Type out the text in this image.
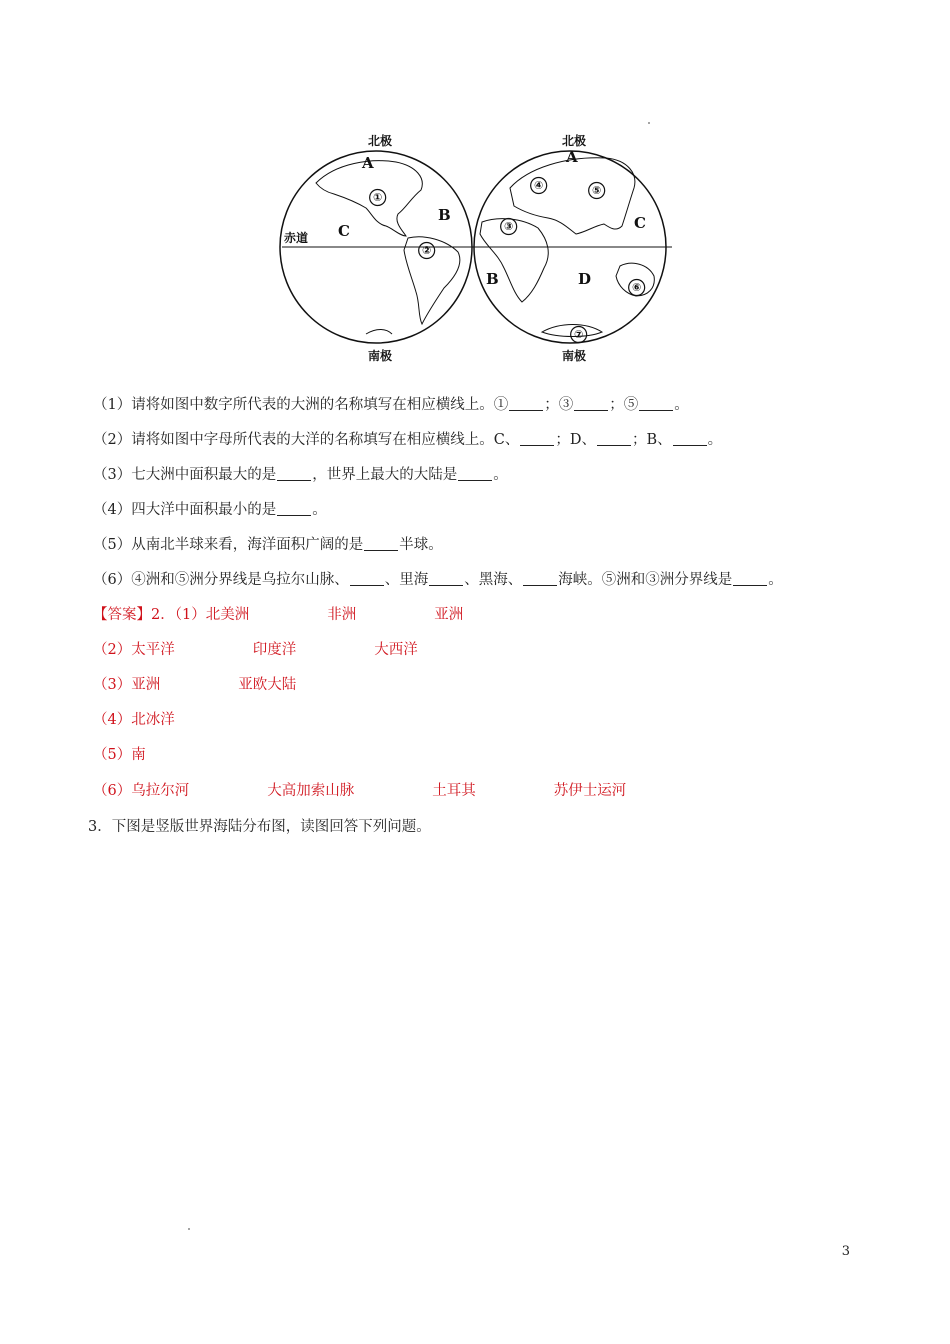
北极
南极
赤道
A
B
C
①
②
北极
南极
A
B
C
D
③
④	⑤
⑥
⑦
（1）请将如图中数字所代表的大洲的名称填写在相应横线上。① ；③ ；⑤ 。
（2）请将如图中字母所代表的大洋的名称填写在相应横线上。C、 ；D、 ；B、 。
（3）七大洲中面积最大的是 ，世界上最大的大陆是 。
（4）四大洋中面积最小的是 。
（5）从南北半球来看，海洋面积广阔的是 半球。
（6）④洲和⑤洲分界线是乌拉尔山脉、 、里海 、黑海、 海峡。⑤洲和③洲分界线是 。
【答案】2．（1）北美洲	非洲	亚洲
（2）太平洋	印度洋	大西洋
（3）亚洲	亚欧大陆
（4）北冰洋
（5）南
（6）乌拉尔河	大高加索山脉	土耳其	苏伊士运河
3．下图是竖版世界海陆分布图，读图回答下列问题。
3
